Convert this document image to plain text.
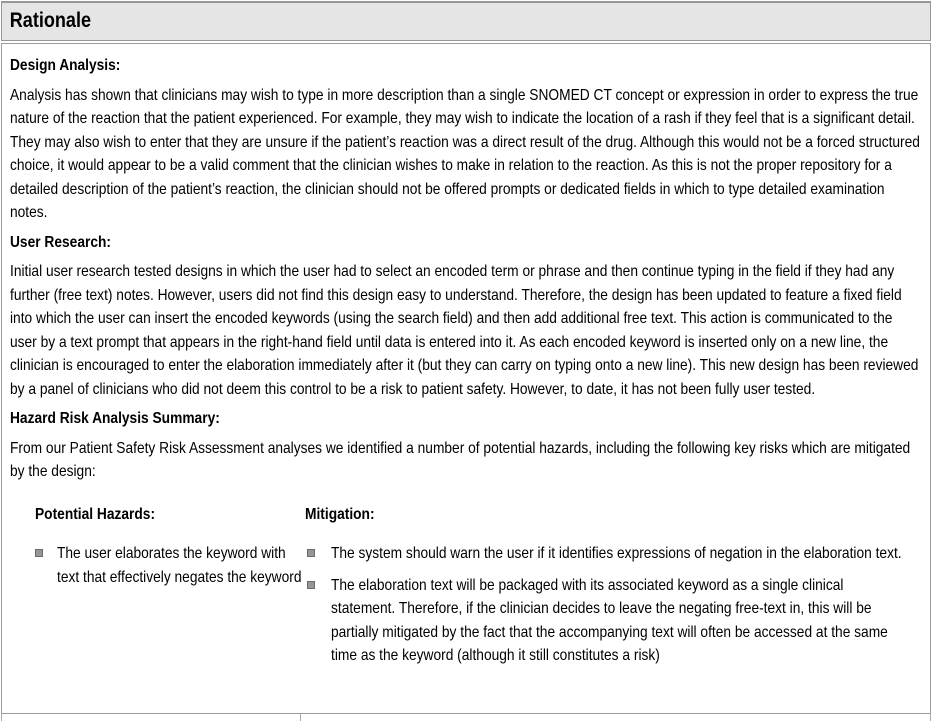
Rationale
Design Analysis:

Analysis has shown that clinicians may wish to type in more description than a single SNOMED CT concept or expression in order to express the true nature of the reaction that the patient experienced. For example, they may wish to indicate the location of a rash if they feel that is a significant detail. They may also wish to enter that they are unsure if the patient’s reaction was a direct result of the drug. Although this would not be a forced structured choice, it would appear to be a valid comment that the clinician wishes to make in relation to the reaction. As this is not the proper repository for a detailed description of the patient’s reaction, the clinician should not be offered prompts or dedicated fields in which to type detailed examination notes.

User Research:

Initial user research tested designs in which the user had to select an encoded term or phrase and then continue typing in the field if they had any further (free text) notes. However, users did not find this design easy to understand. Therefore, the design has been updated to feature a fixed field into which the user can insert the encoded keywords (using the search field) and then add additional free text. This action is communicated to the user by a text prompt that appears in the right-hand field until data is entered into it. As each encoded keyword is inserted only on a new line, the clinician is encouraged to enter the elaboration immediately after it (but they can carry on typing onto a new line). This new design has been reviewed by a panel of clinicians who did not deem this control to be a risk to patient safety. However, to date, it has not been fully user tested.

Hazard Risk Analysis Summary:

From our Patient Safety Risk Assessment analyses we identified a number of potential hazards, including the following key risks which are mitigated by the design:

Potential Hazards:
The user elaborates the keyword with text that effectively negates the keyword
Mitigation:
The system should warn the user if it identifies expressions of negation in the elaboration text.
The elaboration text will be packaged with its associated keyword as a single clinical statement. Therefore, if the clinician decides to leave the negating free-text in, this will be partially mitigated by the fact that the accompanying text will often be accessed at the same time as the keyword (although it still constitutes a risk)
